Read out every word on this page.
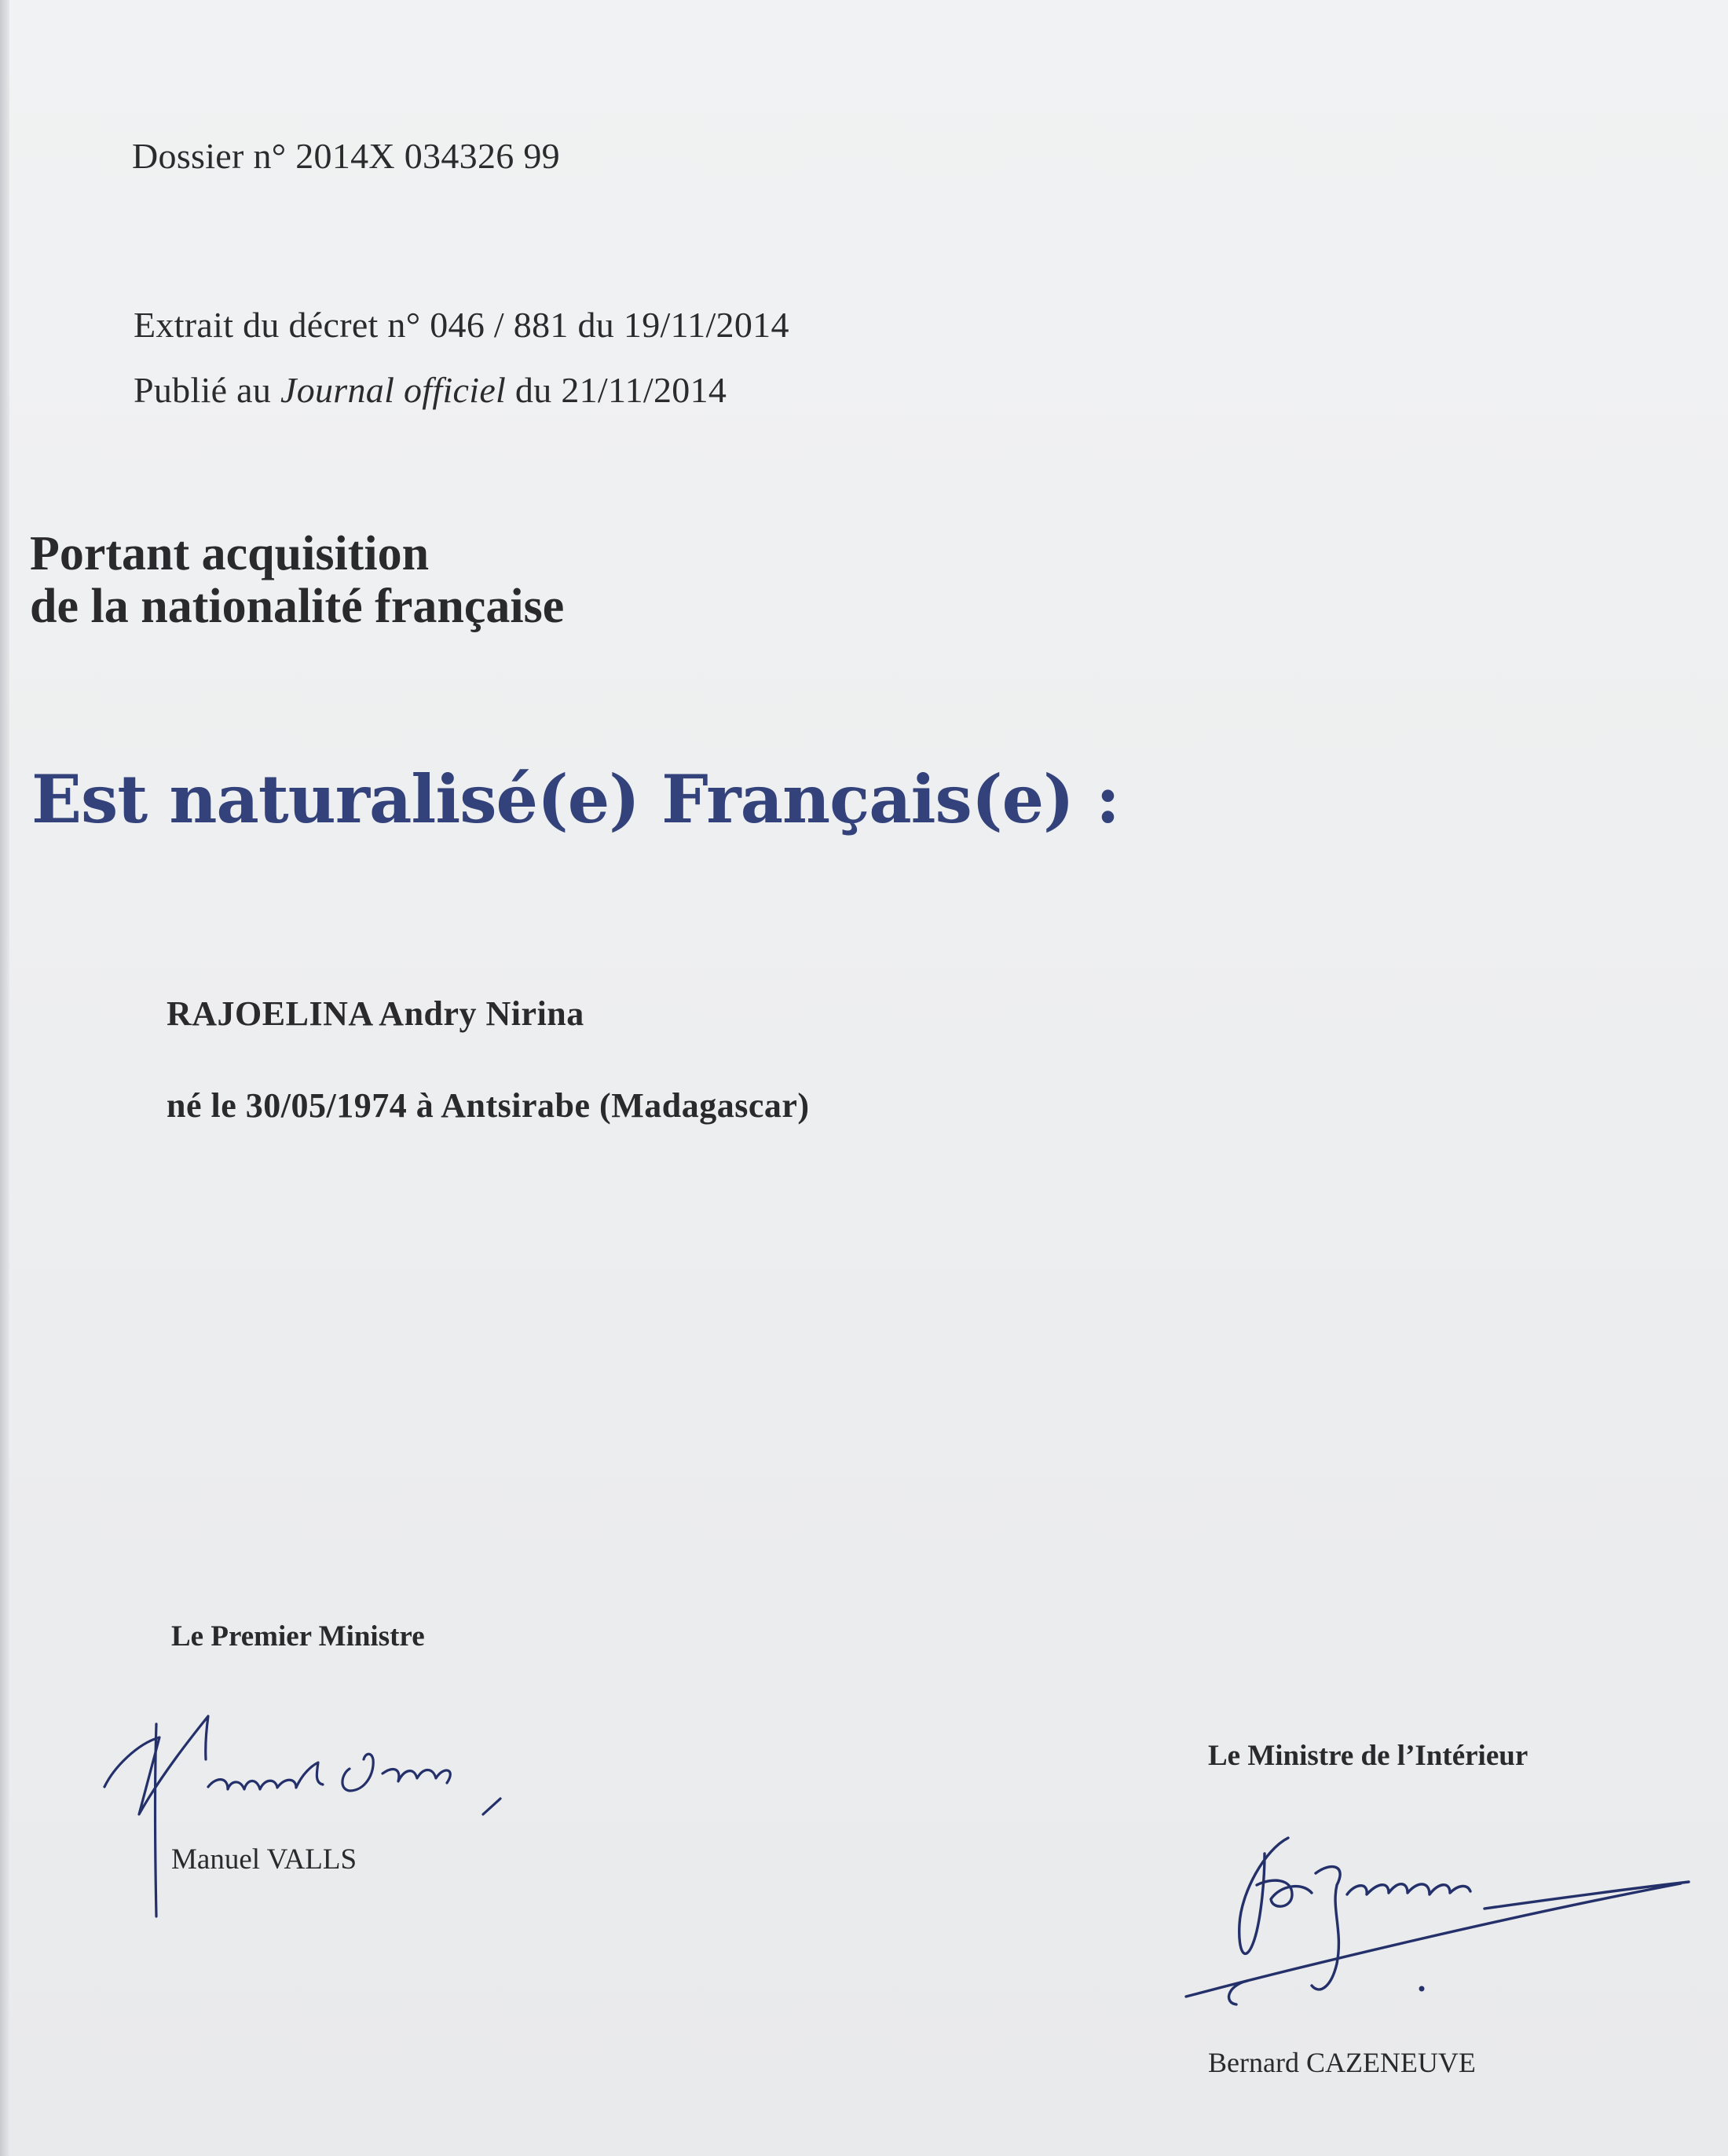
Dossier n° 2014X 034326 99

Extrait du décret n° 046 / 881 du 19/11/2014

Publié au Journal officiel du 21/11/2014

Portant acquisition
de la nationalité française
Est naturalisé(e) Français(e) :

RAJOELINA Andry Nirina

né le 30/05/1974 à Antsirabe (Madagascar)

Le Premier Ministre

Manuel VALLS

Le Ministre de l’Intérieur

Bernard CAZENEUVE
